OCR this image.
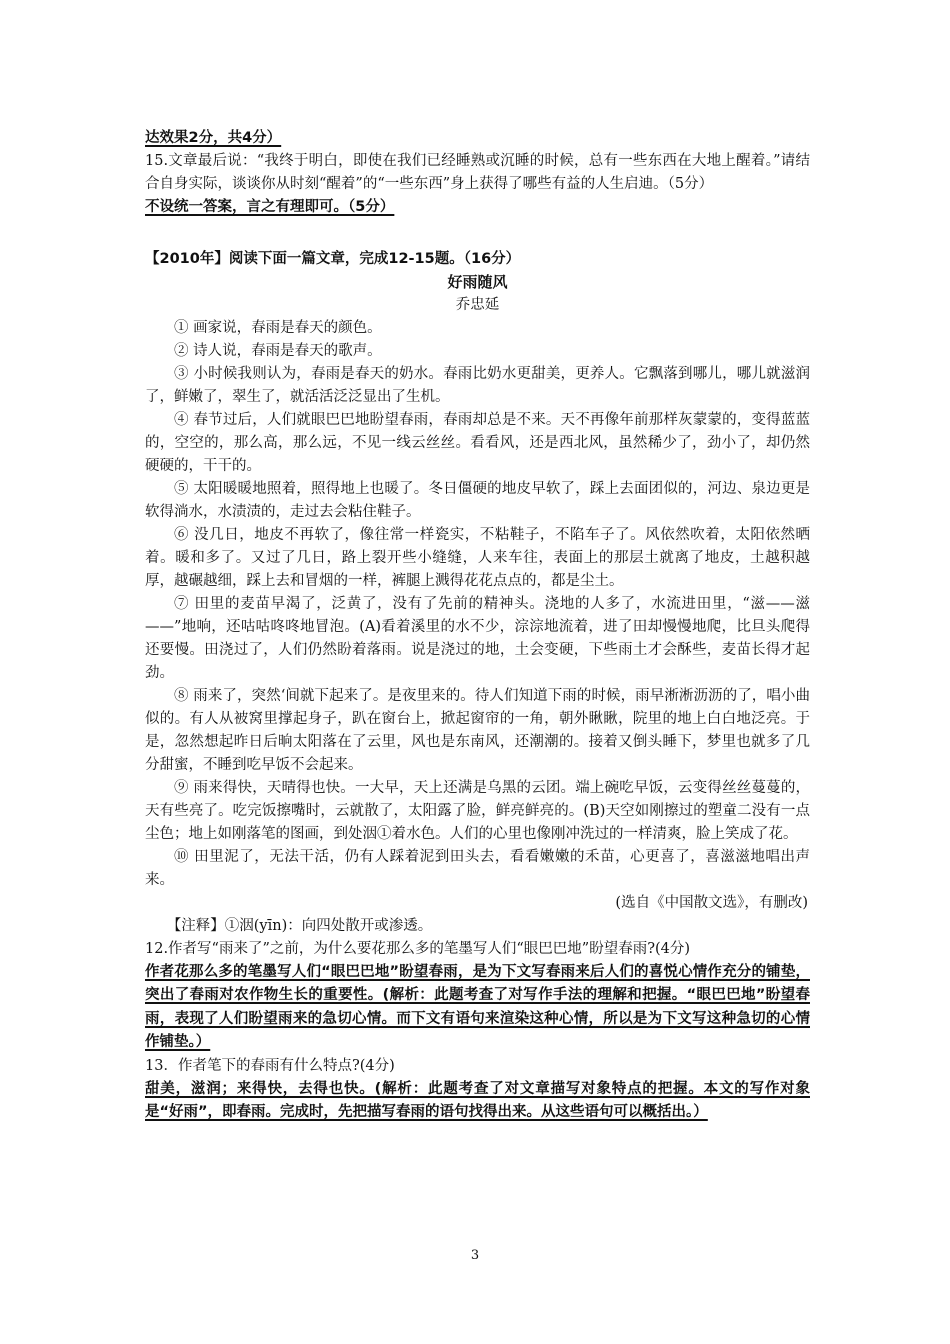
达效果2分，共4分）

15.文章最后说：“我终于明白，即使在我们已经睡熟或沉睡的时候，总有一些东西在大地上醒着。”请结合自身实际，谈谈你从时刻“醒着”的“一些东西”身上获得了哪些有益的人生启迪。（5分）

不设统一答案，言之有理即可。（5分）

【2010年】阅读下面一篇文章，完成12-15题。（16分）

好雨随风

乔忠延

① 画家说，春雨是春天的颜色。

② 诗人说，春雨是春天的歌声。

③ 小时候我则认为，春雨是春天的奶水。春雨比奶水更甜美，更养人。它飘落到哪儿，哪儿就滋润了，鲜嫩了，翠生了，就活活泛泛显出了生机。

④ 春节过后，人们就眼巴巴地盼望春雨，春雨却总是不来。天不再像年前那样灰蒙蒙的，变得蓝蓝的，空空的，那么高，那么远，不见一线云丝丝。看看风，还是西北风，虽然稀少了，劲小了，却仍然硬硬的，干干的。

⑤ 太阳暖暖地照着，照得地上也暖了。冬日僵硬的地皮早软了，踩上去面团似的，河边、泉边更是软得淌水，水渍渍的，走过去会粘住鞋子。

⑥ 没几日，地皮不再软了，像往常一样瓷实，不粘鞋子，不陷车子了。风依然吹着，太阳依然晒着。暖和多了。又过了几日，路上裂开些小缝缝，人来车往，表面上的那层土就离了地皮，土越积越厚，越碾越细，踩上去和冒烟的一样，裤腿上溅得花花点点的，都是尘土。

⑦ 田里的麦苗早渴了，泛黄了，没有了先前的精神头。浇地的人多了，水流进田里，“滋——滋——”地响，还咕咕咚咚地冒泡。(A)看着溪里的水不少，淙淙地流着，进了田却慢慢地爬，比旦头爬得还要慢。田浇过了，人们仍然盼着落雨。说是浇过的地，土会变硬，下些雨土才会酥些，麦苗长得才起劲。

⑧ 雨来了，突然‘间就下起来了。是夜里来的。待人们知道下雨的时候，雨早淅淅沥沥的了，唱小曲似的。有人从被窝里撑起身子，趴在窗台上，掀起窗帘的一角，朝外瞅瞅，院里的地上白白地泛亮。于是，忽然想起昨日后晌太阳落在了云里，风也是东南风，还潮潮的。接着又倒头睡下，梦里也就多了几分甜蜜，不睡到吃早饭不会起来。

⑨ 雨来得快，天晴得也快。一大早，天上还满是乌黑的云团。端上碗吃早饭，云变得丝丝蔓蔓的，天有些亮了。吃完饭擦嘴时，云就散了，太阳露了脸，鲜亮鲜亮的。(B)天空如刚擦过的塑童二没有一点尘色；地上如刚落笔的图画，到处洇①着水色。人们的心里也像刚冲洗过的一样清爽，脸上笑成了花。

⑩ 田里泥了，无法干活，仍有人踩着泥到田头去，看看嫩嫩的禾苗，心更喜了，喜滋滋地唱出声来。

(选自《中国散文选》，有删改)

【注释】①洇(yīn)：向四处散开或渗透。

12.作者写“雨来了”之前，为什么要花那么多的笔墨写人们“眼巴巴地”盼望春雨?(4分)

作者花那么多的笔墨写人们“眼巴巴地”盼望春雨，是为下文写春雨来后人们的喜悦心情作充分的铺垫，突出了春雨对农作物生长的重要性。(解析：此题考查了对写作手法的理解和把握。“眼巴巴地”盼望春雨，表现了人们盼望雨来的急切心情。而下文有语句来渲染这种心情，所以是为下文写这种急切的心情作铺垫。）

13．作者笔下的春雨有什么特点?(4分)

甜美，滋润；来得快，去得也快。(解析：此题考查了对文章描写对象特点的把握。本文的写作对象是“好雨”，即春雨。完成时，先把描写春雨的语句找得出来。从这些语句可以概括出。）

3
